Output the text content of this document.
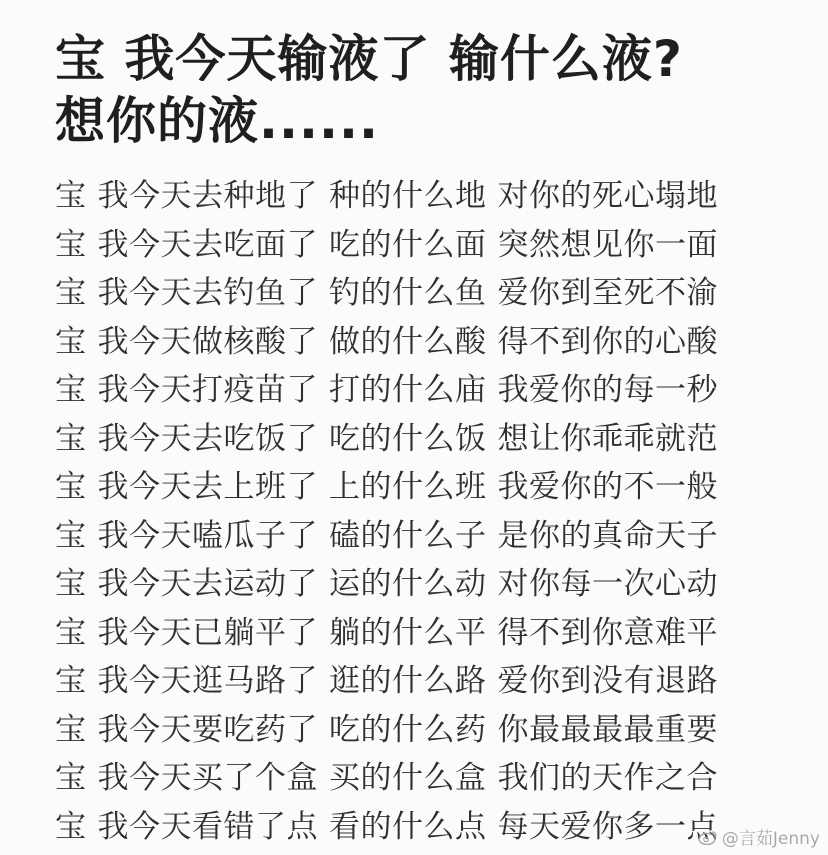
宝 我今天输液了 输什么液?
想你的液......
宝 我今天去种地了 种的什么地 对你的死心塌地
宝 我今天去吃面了 吃的什么面 突然想见你一面
宝 我今天去钓鱼了 钓的什么鱼 爱你到至死不渝
宝 我今天做核酸了 做的什么酸 得不到你的心酸
宝 我今天打疫苗了 打的什么庙 我爱你的每一秒
宝 我今天去吃饭了 吃的什么饭 想让你乖乖就范
宝 我今天去上班了 上的什么班 我爱你的不一般
宝 我今天嗑瓜子了 磕的什么子 是你的真命天子
宝 我今天去运动了 运的什么动 对你每一次心动
宝 我今天已躺平了 躺的什么平 得不到你意难平
宝 我今天逛马路了 逛的什么路 爱你到没有退路
宝 我今天要吃药了 吃的什么药 你最最最最重要
宝 我今天买了个盒 买的什么盒 我们的天作之合
宝 我今天看错了点 看的什么点 每天爱你多一点 @言茹Jenny
